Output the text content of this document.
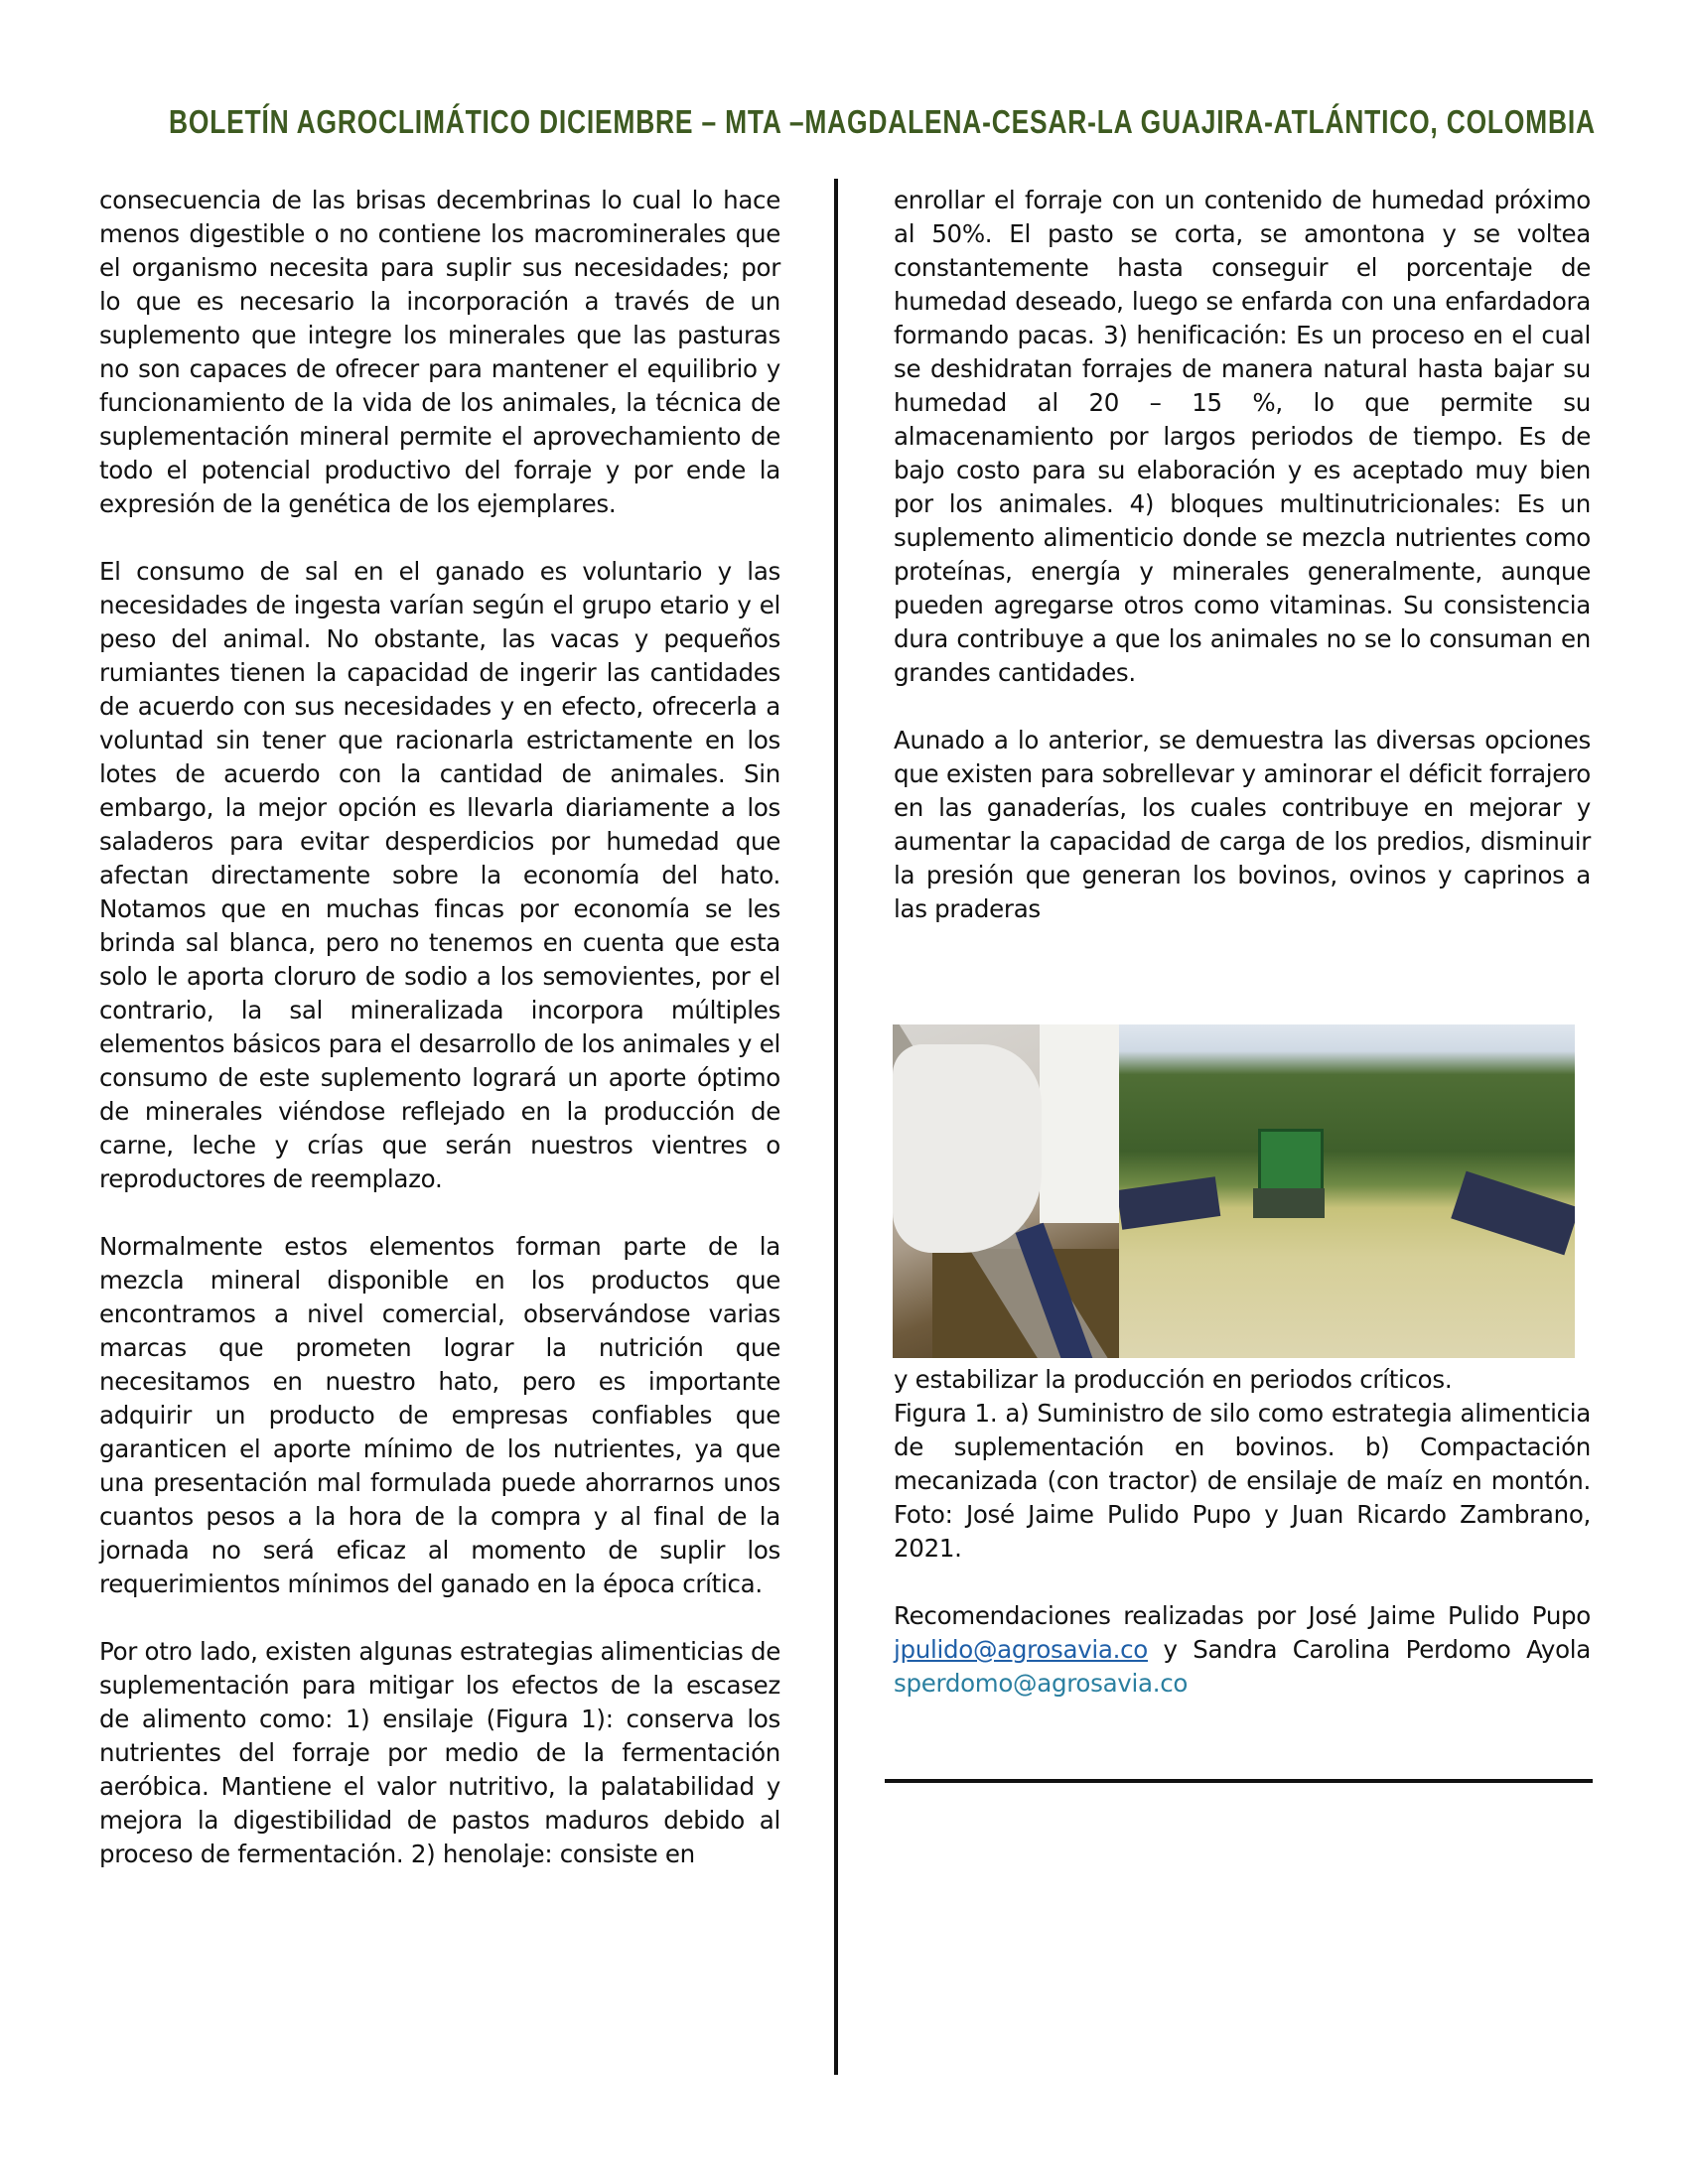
BOLETÍN AGROCLIMÁTICO DICIEMBRE – MTA –MAGDALENA-CESAR-LA GUAJIRA-ATLÁNTICO, COLOMBIA

consecuencia de las brisas decembrinas lo cual lo hace menos digestible o no contiene los macrominerales que el organismo necesita para suplir sus necesidades; por lo que es necesario la incorporación a través de un suplemento que integre los minerales que las pasturas no son capaces de ofrecer para mantener el equilibrio y funcionamiento de la vida de los animales, la técnica de suplementación mineral permite el aprovechamiento de todo el potencial productivo del forraje y por ende la expresión de la genética de los ejemplares.

El consumo de sal en el ganado es voluntario y las necesidades de ingesta varían según el grupo etario y el peso del animal. No obstante, las vacas y pequeños rumiantes tienen la capacidad de ingerir las cantidades de acuerdo con sus necesidades y en efecto, ofrecerla a voluntad sin tener que racionarla estrictamente en los lotes de acuerdo con la cantidad de animales. Sin embargo, la mejor opción es llevarla diariamente a los saladeros para evitar desperdicios por humedad que afectan directamente sobre la economía del hato. Notamos que en muchas fincas por economía se les brinda sal blanca, pero no tenemos en cuenta que esta solo le aporta cloruro de sodio a los semovientes, por el contrario, la sal mineralizada incorpora múltiples elementos básicos para el desarrollo de los animales y el consumo de este suplemento logrará un aporte óptimo de minerales viéndose reflejado en la producción de carne, leche y crías que serán nuestros vientres o reproductores de reemplazo.

Normalmente estos elementos forman parte de la mezcla mineral disponible en los productos que encontramos a nivel comercial, observándose varias marcas que prometen lograr la nutrición que necesitamos en nuestro hato, pero es importante adquirir un producto de empresas confiables que garanticen el aporte mínimo de los nutrientes, ya que una presentación mal formulada puede ahorrarnos unos cuantos pesos a la hora de la compra y al final de la jornada no será eficaz al momento de suplir los requerimientos mínimos del ganado en la época crítica.

Por otro lado, existen algunas estrategias alimenticias de suplementación para mitigar los efectos de la escasez de alimento como: 1) ensilaje (Figura 1): conserva los nutrientes del forraje por medio de la fermentación aeróbica. Mantiene el valor nutritivo, la palatabilidad y mejora la digestibilidad de pastos maduros debido al proceso de fermentación. 2) henolaje: consiste en

enrollar el forraje con un contenido de humedad próximo al 50%. El pasto se corta, se amontona y se voltea constantemente hasta conseguir el porcentaje de humedad deseado, luego se enfarda con una enfardadora formando pacas. 3) henificación: Es un proceso en el cual se deshidratan forrajes de manera natural hasta bajar su humedad al 20 – 15 %, lo que permite su almacenamiento por largos periodos de tiempo. Es de bajo costo para su elaboración y es aceptado muy bien por los animales. 4) bloques multinutricionales: Es un suplemento alimenticio donde se mezcla nutrientes como proteínas, energía y minerales generalmente, aunque pueden agregarse otros como vitaminas. Su consistencia dura contribuye a que los animales no se lo consuman en grandes cantidades.

Aunado a lo anterior, se demuestra las diversas opciones que existen para sobrellevar y aminorar el déficit forrajero en las ganaderías, los cuales contribuye en mejorar y aumentar la capacidad de carga de los predios, disminuir la presión que generan los bovinos, ovinos y caprinos a las praderas

y estabilizar la producción en periodos críticos.

Figura 1. a) Suministro de silo como estrategia alimenticia de suplementación en bovinos. b) Compactación mecanizada (con tractor) de ensilaje de maíz en montón. Foto: José Jaime Pulido Pupo y Juan Ricardo Zambrano, 2021.

Recomendaciones realizadas por José Jaime Pulido Pupo jpulido@agrosavia.co y Sandra Carolina Perdomo Ayola sperdomo@agrosavia.co
